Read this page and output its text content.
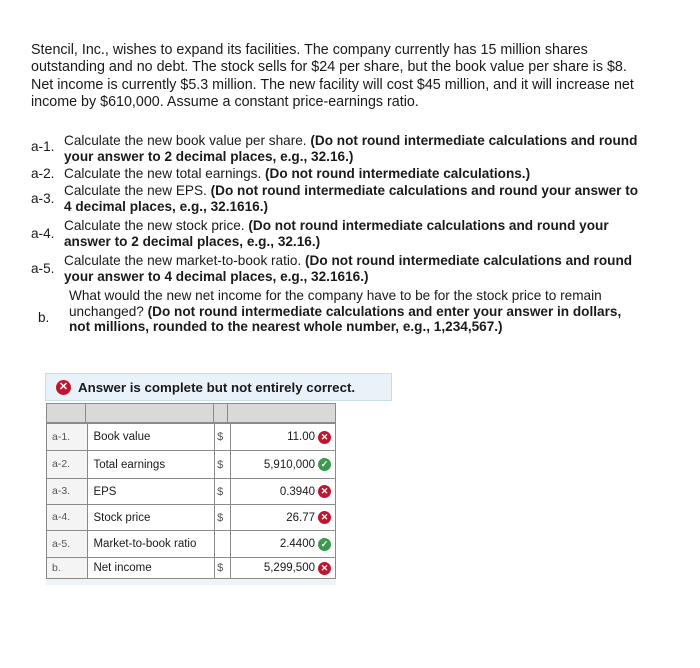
Stencil, Inc., wishes to expand its facilities. The company currently has 15 million shares outstanding and no debt. The stock sells for $24 per share, but the book value per share is $8. Net income is currently $5.3 million. The new facility will cost $45 million, and it will increase net income by $610,000. Assume a constant price-earnings ratio.
a-1. Calculate the new book value per share. (Do not round intermediate calculations and round your answer to 2 decimal places, e.g., 32.16.)
a-2. Calculate the new total earnings. (Do not round intermediate calculations.)
a-3.
Calculate the new EPS. (Do not round intermediate calculations and round your answer to 4 decimal places, e.g., 32.1616.)
a-4.
Calculate the new stock price. (Do not round intermediate calculations and round your answer to 2 decimal places, e.g., 32.16.)
a-5.
Calculate the new market-to-book ratio. (Do not round intermediate calculations and round your answer to 4 decimal places, e.g., 32.1616.)
b.
What would the new net income for the company have to be for the stock price to remain unchanged? (Do not round intermediate calculations and enter your answer in dollars, not millions, rounded to the nearest whole number, e.g., 1,234,567.)
✕ Answer is complete but not entirely correct.
a-1.	Book value	$	11.00 ✕
a-2.	Total earnings	$	5,910,000 ✓
a-3.	EPS	$	0.3940 ✕
a-4.	Stock price	$	26.77 ✕
a-5.	Market-to-book ratio		2.4400 ✓
b.	Net income	$	5,299,500 ✕
